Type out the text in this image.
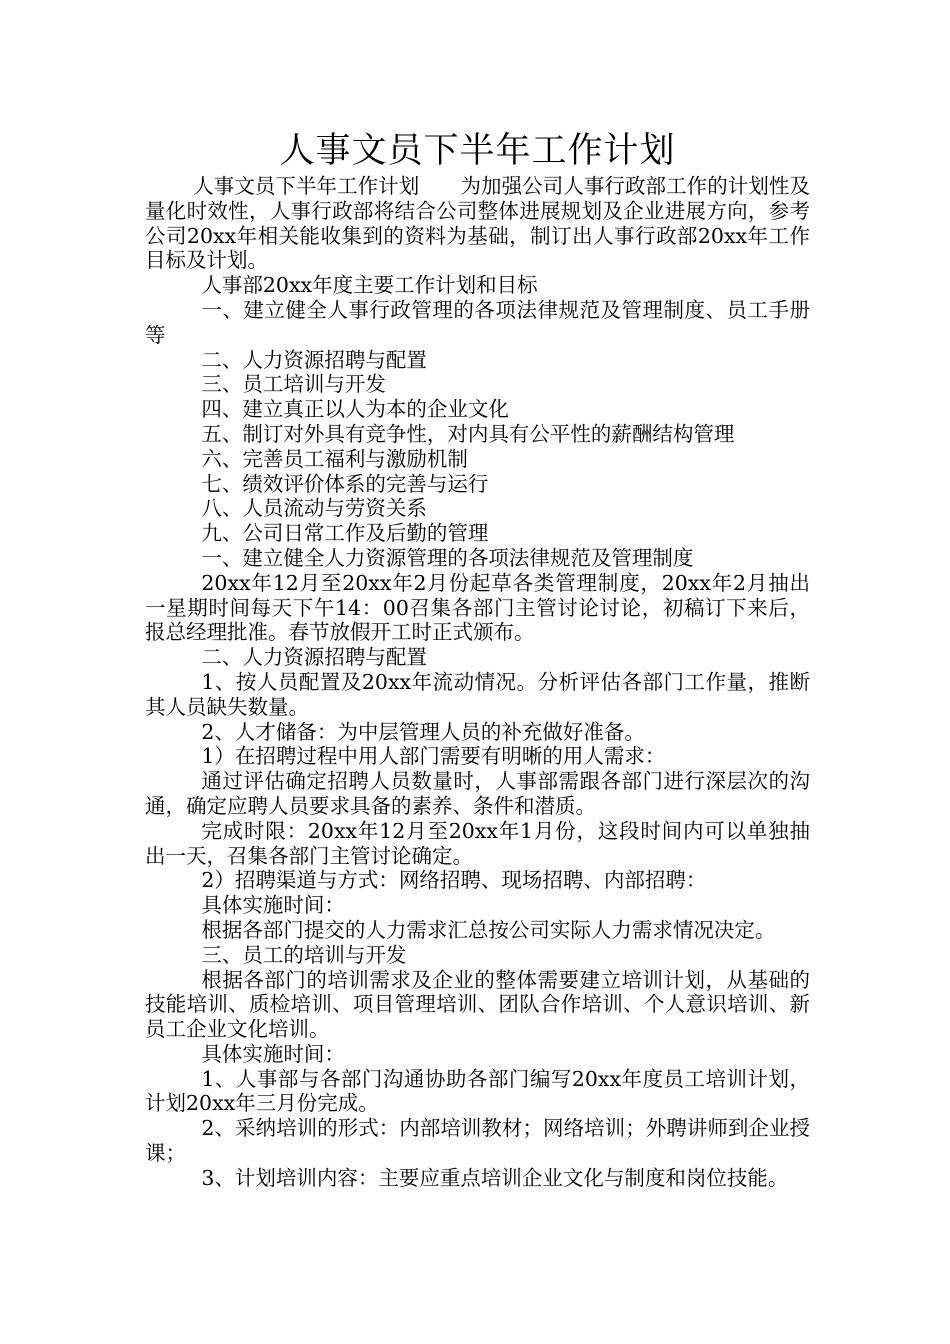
人事文员下半年工作计划

人事文员下半年工作计划　　为加强公司人事行政部工作的计划性及量化时效性，人事行政部将结合公司整体进展规划及企业进展方向，参考公司20xx年相关能收集到的资料为基础，制订出人事行政部20xx年工作目标及计划。

人事部20xx年度主要工作计划和目标

一、建立健全人事行政管理的各项法律规范及管理制度、员工手册等

二、人力资源招聘与配置

三、员工培训与开发

四、建立真正以人为本的企业文化

五、制订对外具有竞争性，对内具有公平性的薪酬结构管理

六、完善员工福利与激励机制

七、绩效评价体系的完善与运行

八、人员流动与劳资关系

九、公司日常工作及后勤的管理

一、建立健全人力资源管理的各项法律规范及管理制度

20xx年12月至20xx年2月份起草各类管理制度，20xx年2月抽出一星期时间每天下午14：00召集各部门主管讨论讨论，初稿订下来后，报总经理批准。春节放假开工时正式颁布。

二、人力资源招聘与配置

1、按人员配置及20xx年流动情况。分析评估各部门工作量，推断其人员缺失数量。

2、人才储备：为中层管理人员的补充做好准备。

1）在招聘过程中用人部门需要有明晰的用人需求：

通过评估确定招聘人员数量时，人事部需跟各部门进行深层次的沟通，确定应聘人员要求具备的素养、条件和潜质。

完成时限：20xx年12月至20xx年1月份，这段时间内可以单独抽出一天，召集各部门主管讨论确定。

2）招聘渠道与方式：网络招聘、现场招聘、内部招聘：

具体实施时间：

根据各部门提交的人力需求汇总按公司实际人力需求情况决定。

三、员工的培训与开发

根据各部门的培训需求及企业的整体需要建立培训计划，从基础的技能培训、质检培训、项目管理培训、团队合作培训、个人意识培训、新员工企业文化培训。

具体实施时间：

1、人事部与各部门沟通协助各部门编写20xx年度员工培训计划，计划20xx年三月份完成。

2、采纳培训的形式：内部培训教材；网络培训；外聘讲师到企业授课；

3、计划培训内容：主要应重点培训企业文化与制度和岗位技能。
